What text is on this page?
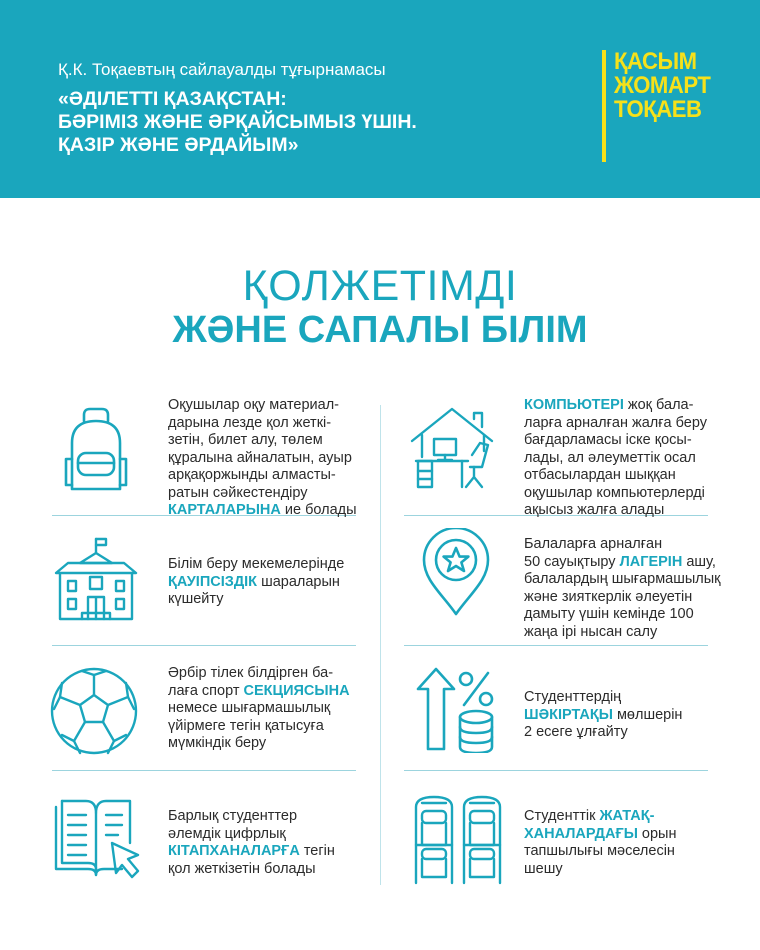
Қ.К. Тоқаевтың сайлауалды тұғырнамасы
«ӘДІЛЕТТІ ҚАЗАҚСТАН:
БӘРІМІЗ ЖӘНЕ ӘРҚАЙСЫМЫЗ ҮШІН.
ҚАЗІР ЖӘНЕ ӘРДАЙЫМ»
ҚАСЫМ
ЖОМАРТ
ТОҚАЕВ
ҚОЛЖЕТІМДІ
ЖӘНЕ САПАЛЫ БІЛІМ
Оқушылар оқу материал-
дарына лезде қол жеткі-
зетін, билет алу, төлем
құралына айналатын, ауыр
арқақоржынды алмасты-
ратын сәйкестендіру
КАРТАЛАРЫНА ие болады
КОМПЬЮТЕРІ жоқ бала-
ларға арналған жалға беру
бағдарламасы іске қосы-
лады, ал әлеуметтік осал
отбасылардан шыққан
оқушылар компьютерлерді
ақысыз жалға алады
Білім беру мекемелерінде
ҚАУІПСІЗДІК шараларын
күшейту
Балаларға арналған
50 сауықтыру ЛАГЕРІН ашу,
балалардың шығармашылық
және зияткерлік әлеуетін
дамыту үшін кемінде 100
жаңа ірі нысан салу
Әрбір тілек білдірген ба-
лаға спорт СЕКЦИЯСЫНА
немесе шығармашылық
үйірмеге тегін қатысуға
мүмкіндік беру
Студенттердің
ШӘКІРТАҚЫ мөлшерін
2 есеге ұлғайту
Барлық студенттер
әлемдік цифрлық
КІТАПХАНАЛАРҒА тегін
қол жеткізетін болады
Студенттік ЖАТАҚ-
ХАНАЛАРДАҒЫ орын
тапшылығы мәселесін
шешу
